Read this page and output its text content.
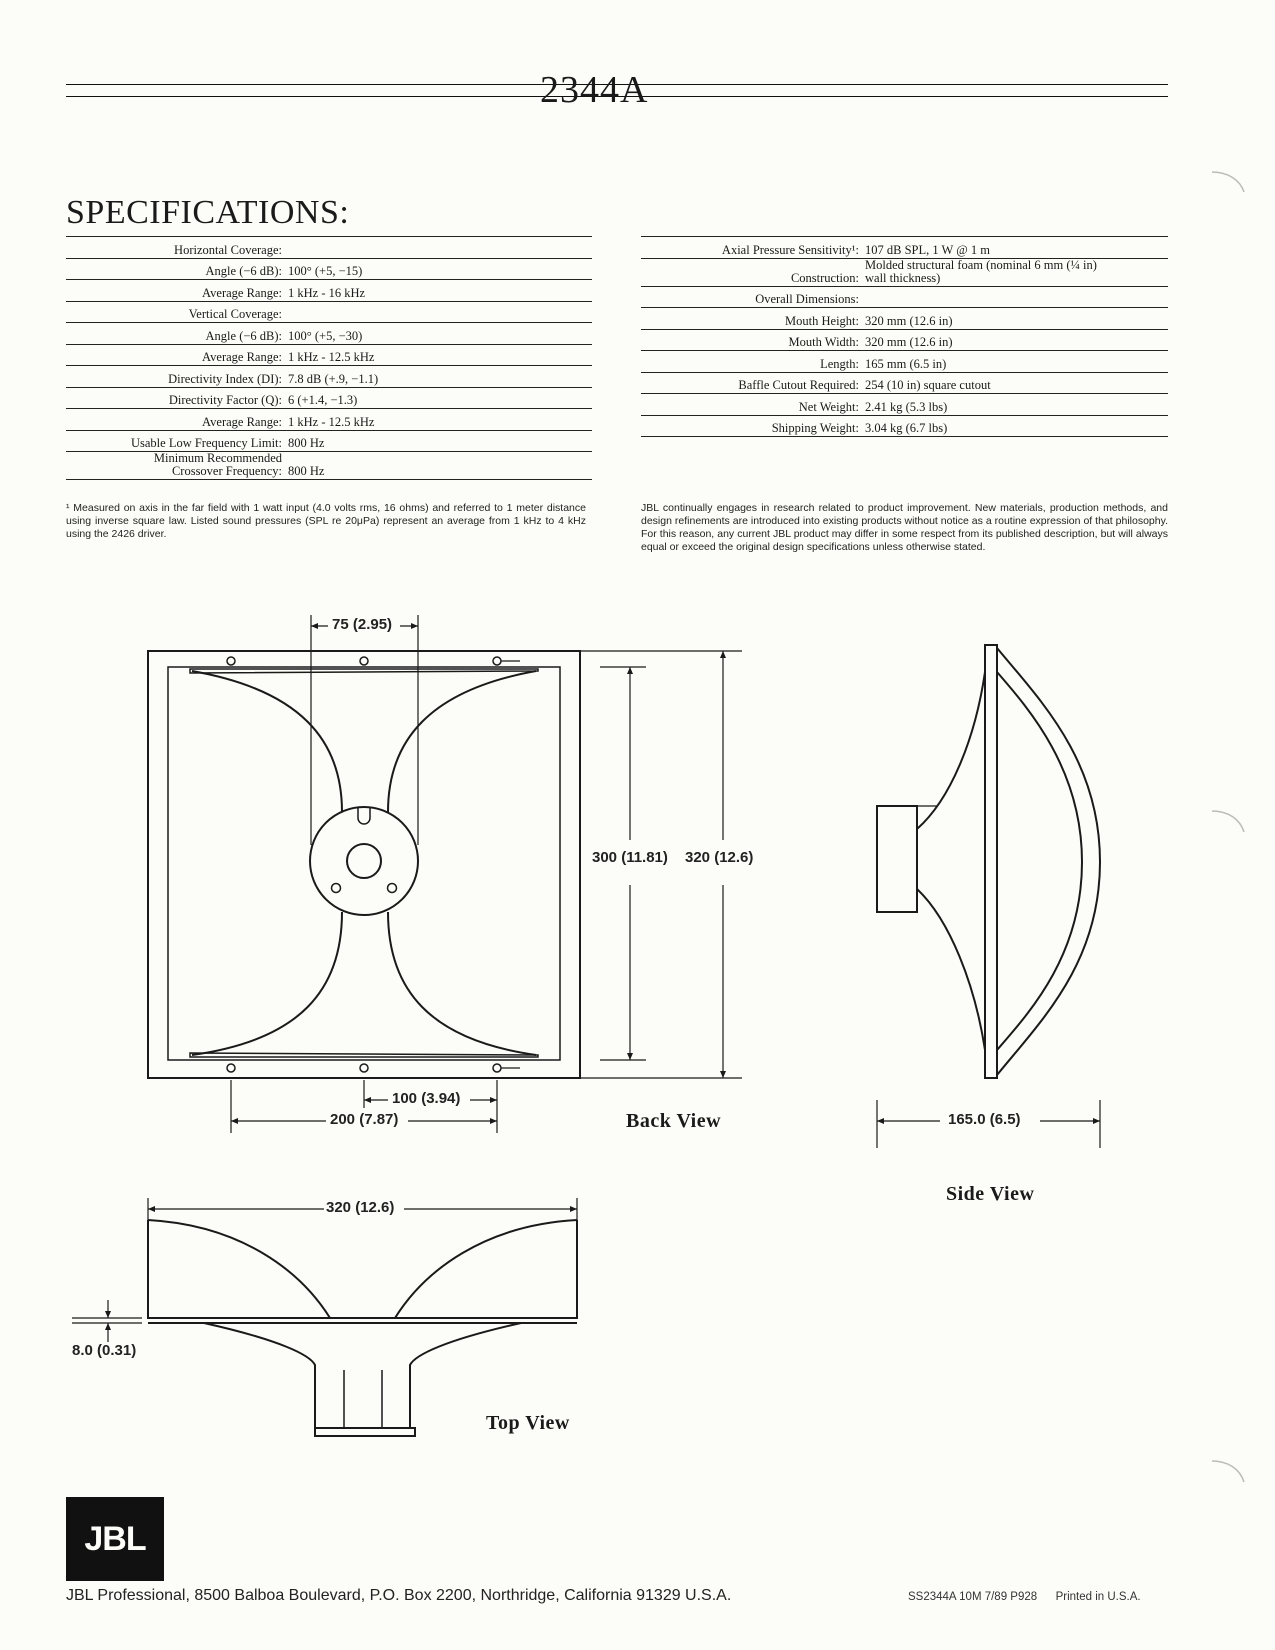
2344A
SPECIFICATIONS:
Horizontal Coverage:
Angle (−6 dB): 100° (+5, −15)
Average Range: 1 kHz - 16 kHz
Vertical Coverage:
Angle (−6 dB): 100° (+5, −30)
Average Range: 1 kHz - 12.5 kHz
Directivity Index (DI): 7.8 dB (+.9, −1.1)
Directivity Factor (Q): 6 (+1.4, −1.3)
Average Range: 1 kHz - 12.5 kHz
Usable Low Frequency Limit: 800 Hz
Minimum Recommended
Crossover Frequency: 800 Hz
Axial Pressure Sensitivity¹: 107 dB SPL, 1 W @ 1 m
Construction:
Molded structural foam (nominal 6 mm (¼ in)
wall thickness)
Overall Dimensions:
Mouth Height: 320 mm (12.6 in)
Mouth Width: 320 mm (12.6 in)
Length: 165 mm (6.5 in)
Baffle Cutout Required: 254 (10 in) square cutout
Net Weight: 2.41 kg (5.3 lbs)
Shipping Weight: 3.04 kg (6.7 lbs)
¹ Measured on axis in the far field with 1 watt input (4.0 volts rms, 16 ohms) and referred to 1 meter distance using inverse square law. Listed sound pressures (SPL re 20μPa) represent an average from 1 kHz to 4 kHz using the 2426 driver.
JBL continually engages in research related to product improvement. New materials, production methods, and design refinements are introduced into existing products without notice as a routine expression of that philosophy. For this reason, any current JBL product may differ in some respect from its published description, but will always equal or exceed the original design specifications unless otherwise stated.
75 (2.95)
300 (11.81) 320 (12.6)
100 (3.94)
200 (7.87)	Back View	165.0 (6.5)
Side View
320 (12.6)
8.0 (0.31)
Top View
JBL
JBL Professional, 8500 Balboa Boulevard, P.O. Box 2200, Northridge, California 91329 U.S.A.	SS2344A 10M 7/89 P928 Printed in U.S.A.
